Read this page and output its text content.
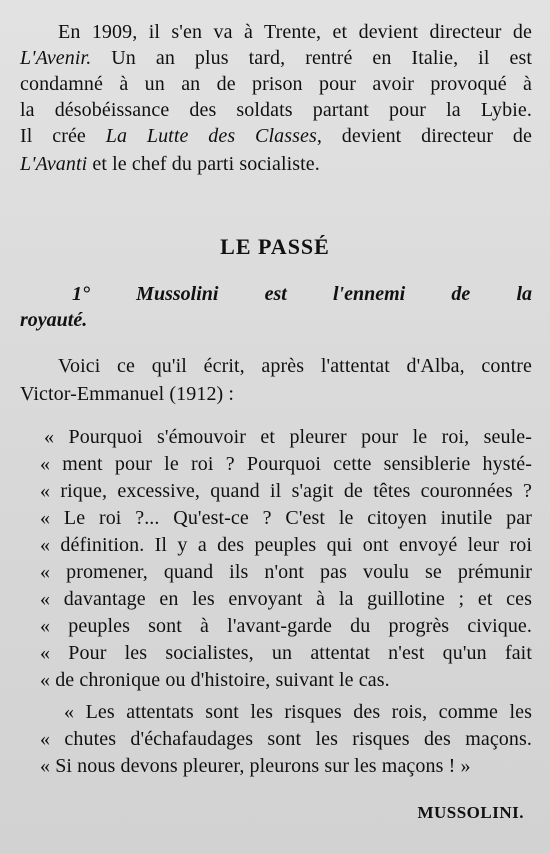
En 1909, il s'en va à Trente, et devient directeur de
L'Avenir. Un an plus tard, rentré en Italie, il est
condamné à un an de prison pour avoir provoqué à
la désobéissance des soldats partant pour la Lybie.
Il crée La Lutte des Classes, devient directeur de
L'Avanti et le chef du parti socialiste.
LE PASSÉ
1° Mussolini est l'ennemi de la
royauté.
Voici ce qu'il écrit, après l'attentat d'Alba, contre
Victor-Emmanuel (1912) :
« Pourquoi s'émouvoir et pleurer pour le roi, seule-
« ment pour le roi ? Pourquoi cette sensiblerie hysté-
« rique, excessive, quand il s'agit de têtes couronnées ?
« Le roi ?... Qu'est-ce ? C'est le citoyen inutile par
« définition. Il y a des peuples qui ont envoyé leur roi
« promener, quand ils n'ont pas voulu se prémunir
« davantage en les envoyant à la guillotine ; et ces
« peuples sont à l'avant-garde du progrès civique.
« Pour les socialistes, un attentat n'est qu'un fait
« de chronique ou d'histoire, suivant le cas.
« Les attentats sont les risques des rois, comme les
« chutes d'échafaudages sont les risques des maçons.
« Si nous devons pleurer, pleurons sur les maçons ! »
MUSSOLINI.
